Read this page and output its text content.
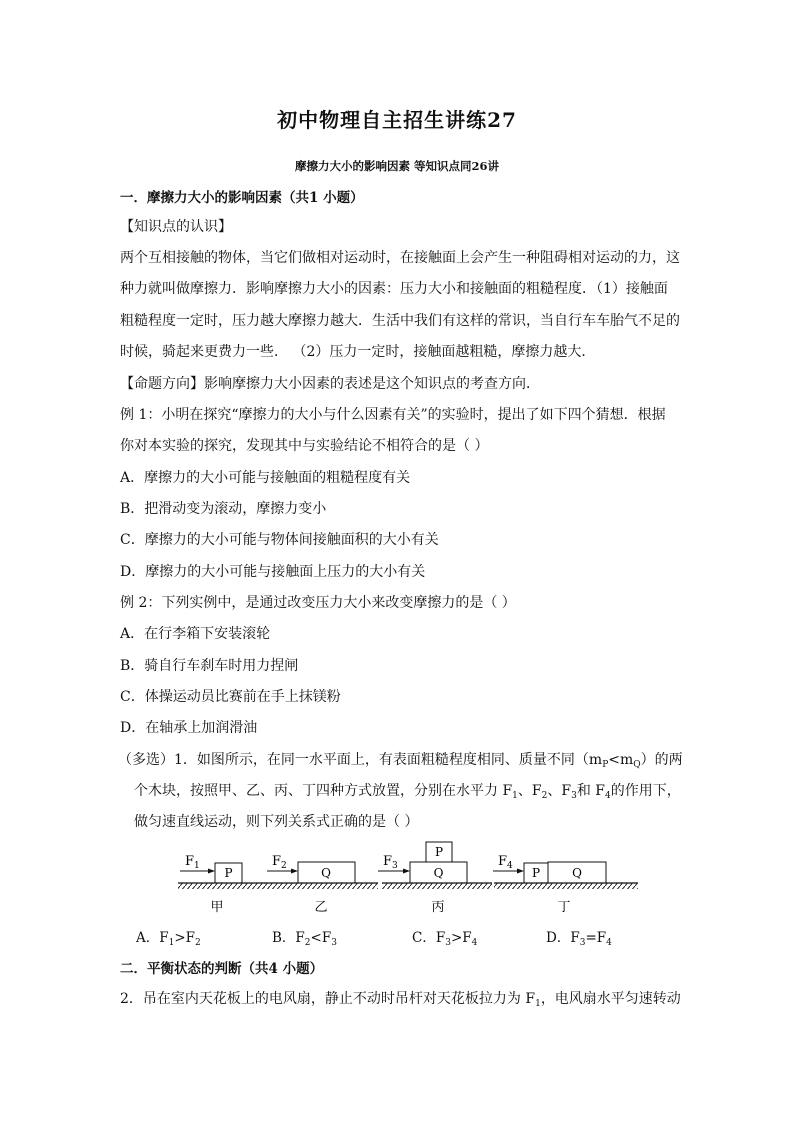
初中物理自主招生讲练27
摩擦力大小的影响因素 等知识点同26讲
一．摩擦力大小的影响因素（共1 小题）
【知识点的认识】
两个互相接触的物体，当它们做相对运动时，在接触面上会产生一种阻碍相对运动的力，这
种力就叫做摩擦力．影响摩擦力大小的因素：压力大小和接触面的粗糙程度．（1）接触面
粗糙程度一定时，压力越大摩擦力越大．生活中我们有这样的常识，当自行车车胎气不足的
时候，骑起来更费力一些． （2）压力一定时，接触面越粗糙，摩擦力越大．
【命题方向】影响摩擦力大小因素的表述是这个知识点的考查方向．
例 1：小明在探究“摩擦力的大小与什么因素有关”的实验时，提出了如下四个猜想．根据
你对本实验的探究，发现其中与实验结论不相符合的是（ ）
A．摩擦力的大小可能与接触面的粗糙程度有关
B．把滑动变为滚动，摩擦力变小
C．摩擦力的大小可能与物体间接触面积的大小有关
D．摩擦力的大小可能与接触面上压力的大小有关
例 2：下列实例中，是通过改变压力大小来改变摩擦力的是（ ）
A．在行李箱下安装滚轮
B．骑自行车刹车时用力捏闸
C．体操运动员比赛前在手上抹镁粉
D．在轴承上加润滑油
（多选）1．如图所示，在同一水平面上，有表面粗糙程度相同、质量不同$(m_P<m_Q)$的两
个木块，按照甲、乙、丙、丁四种方式放置，分别在水平力 $F_1$、$F_2$、$F_3$和 $F_4$的作用下，
做匀速直线运动，则下列关系式正确的是（ ）
$F_1$ P
甲
$F_2$	Q
乙
$F_3$
P
Q
丙
$F_4$ P	Q
丁
A．$F_1>F_2$	B．$F_2<F_3$	C．$F_3>F_4$	D．$F_3=F_4$
二．平衡状态的判断（共4 小题）
2．吊在室内天花板上的电风扇，静止不动时吊杆对天花板拉力为 $F_1$，电风扇水平匀速转动
